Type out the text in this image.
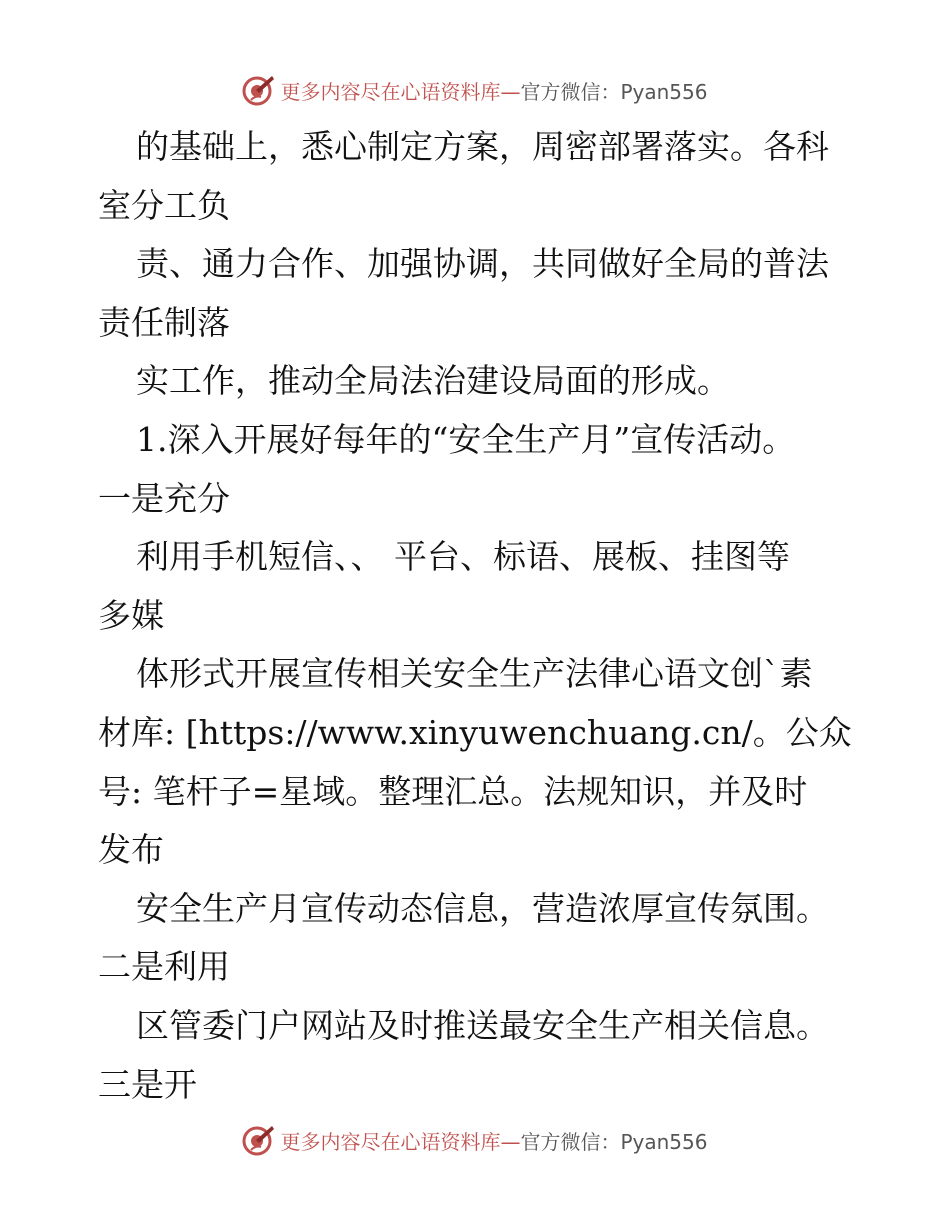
更多内容尽在心语资料库—官方微信：Pyan556
的基础上，悉心制定方案，周密部署落实。各科
室分工负
责、通力合作、加强协调，共同做好全局的普法
责任制落
实工作，推动全局法治建设局面的形成。
1.深入开展好每年的“安全生产月”宣传活动。
一是充分
利用手机短信、、 平台、标语、展板、挂图等
多媒
体形式开展宣传相关安全生产法律心语文创`素
材库: [https://www.xinyuwenchuang.cn/。公众
号: 笔杆子=星域。整理汇总。法规知识，并及时
发布
安全生产月宣传动态信息，营造浓厚宣传氛围。
二是利用
区管委门户网站及时推送最安全生产相关信息。
三是开
更多内容尽在心语资料库—官方微信：Pyan556
